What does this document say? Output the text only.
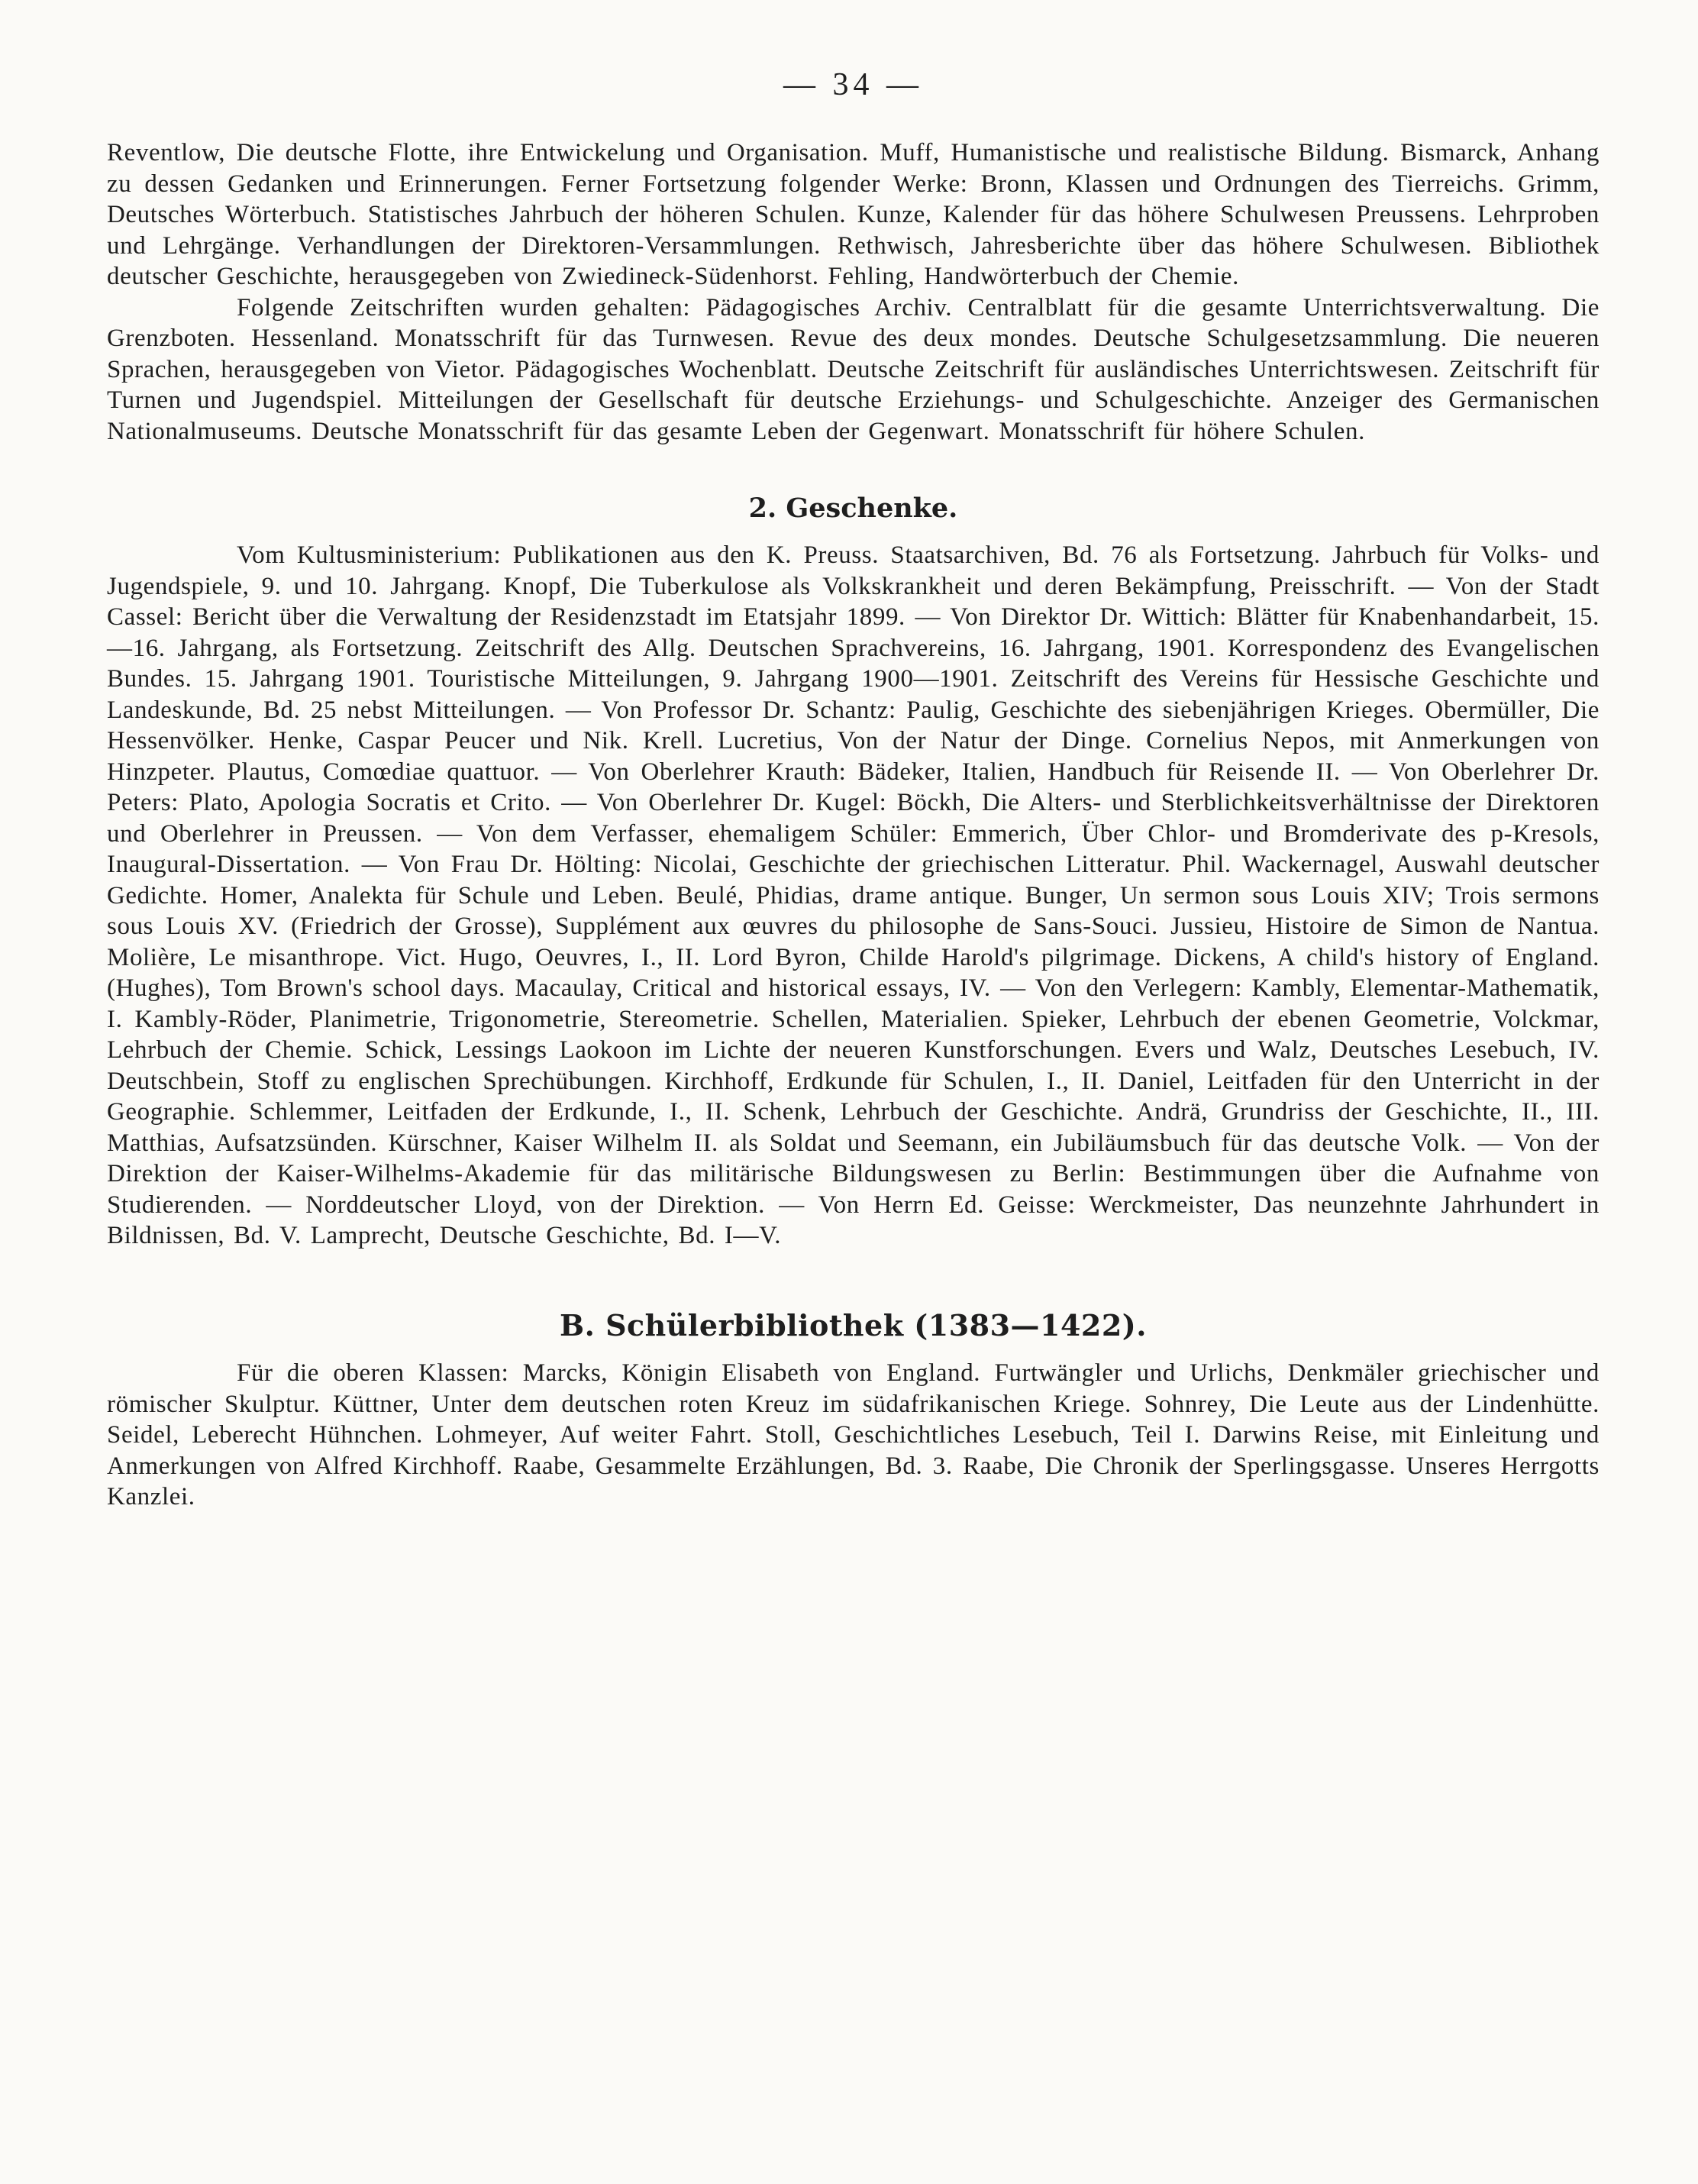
— 34 —

Reventlow, Die deutsche Flotte, ihre Entwickelung und Organisation. Muff, Humanistische und realistische Bildung. Bismarck, Anhang zu dessen Gedanken und Erinnerungen. Ferner Fortsetzung folgender Werke: Bronn, Klassen und Ordnungen des Tierreichs. Grimm, Deutsches Wörterbuch. Statistisches Jahrbuch der höheren Schulen. Kunze, Kalender für das höhere Schulwesen Preussens. Lehrproben und Lehrgänge. Verhandlungen der Direktoren-Versammlungen. Rethwisch, Jahresberichte über das höhere Schulwesen. Bibliothek deutscher Geschichte, herausgegeben von Zwiedineck-Südenhorst. Fehling, Handwörterbuch der Chemie.

Folgende Zeitschriften wurden gehalten: Pädagogisches Archiv. Centralblatt für die gesamte Unterrichtsverwaltung. Die Grenzboten. Hessenland. Monatsschrift für das Turnwesen. Revue des deux mondes. Deutsche Schulgesetzsammlung. Die neueren Sprachen, herausgegeben von Vietor. Pädagogisches Wochenblatt. Deutsche Zeitschrift für ausländisches Unterrichtswesen. Zeitschrift für Turnen und Jugendspiel. Mitteilungen der Gesellschaft für deutsche Erziehungs- und Schulgeschichte. Anzeiger des Germanischen Nationalmuseums. Deutsche Monatsschrift für das gesamte Leben der Gegenwart. Monatsschrift für höhere Schulen.

2. Geschenke.

Vom Kultusministerium: Publikationen aus den K. Preuss. Staatsarchiven, Bd. 76 als Fortsetzung. Jahrbuch für Volks- und Jugendspiele, 9. und 10. Jahrgang. Knopf, Die Tuberkulose als Volkskrankheit und deren Bekämpfung, Preisschrift. — Von der Stadt Cassel: Bericht über die Verwaltung der Residenzstadt im Etatsjahr 1899. — Von Direktor Dr. Wittich: Blätter für Knabenhandarbeit, 15.—16. Jahrgang, als Fortsetzung. Zeitschrift des Allg. Deutschen Sprachvereins, 16. Jahrgang, 1901. Korrespondenz des Evangelischen Bundes. 15. Jahrgang 1901. Touristische Mitteilungen, 9. Jahrgang 1900—1901. Zeitschrift des Vereins für Hessische Geschichte und Landeskunde, Bd. 25 nebst Mitteilungen. — Von Professor Dr. Schantz: Paulig, Geschichte des siebenjährigen Krieges. Obermüller, Die Hessenvölker. Henke, Caspar Peucer und Nik. Krell. Lucretius, Von der Natur der Dinge. Cornelius Nepos, mit Anmerkungen von Hinzpeter. Plautus, Comœdiae quattuor. — Von Oberlehrer Krauth: Bädeker, Italien, Handbuch für Reisende II. — Von Oberlehrer Dr. Peters: Plato, Apologia Socratis et Crito. — Von Oberlehrer Dr. Kugel: Böckh, Die Alters- und Sterblichkeitsverhältnisse der Direktoren und Oberlehrer in Preussen. — Von dem Verfasser, ehemaligem Schüler: Emmerich, Über Chlor- und Bromderivate des p-Kresols, Inaugural-Dissertation. — Von Frau Dr. Hölting: Nicolai, Geschichte der griechischen Litteratur. Phil. Wackernagel, Auswahl deutscher Gedichte. Homer, Analekta für Schule und Leben. Beulé, Phidias, drame antique. Bunger, Un sermon sous Louis XIV; Trois sermons sous Louis XV. (Friedrich der Grosse), Supplément aux œuvres du philosophe de Sans-Souci. Jussieu, Histoire de Simon de Nantua. Molière, Le misanthrope. Vict. Hugo, Oeuvres, I., II. Lord Byron, Childe Harold's pilgrimage. Dickens, A child's history of England. (Hughes), Tom Brown's school days. Macaulay, Critical and historical essays, IV. — Von den Verlegern: Kambly, Elementar-Mathematik, I. Kambly-Röder, Planimetrie, Trigonometrie, Stereometrie. Schellen, Materialien. Spieker, Lehrbuch der ebenen Geometrie, Volckmar, Lehrbuch der Chemie. Schick, Lessings Laokoon im Lichte der neueren Kunstforschungen. Evers und Walz, Deutsches Lesebuch, IV. Deutschbein, Stoff zu englischen Sprechübungen. Kirchhoff, Erdkunde für Schulen, I., II. Daniel, Leitfaden für den Unterricht in der Geographie. Schlemmer, Leitfaden der Erdkunde, I., II. Schenk, Lehrbuch der Geschichte. Andrä, Grundriss der Geschichte, II., III. Matthias, Aufsatzsünden. Kürschner, Kaiser Wilhelm II. als Soldat und Seemann, ein Jubiläumsbuch für das deutsche Volk. — Von der Direktion der Kaiser-Wilhelms-Akademie für das militärische Bildungswesen zu Berlin: Bestimmungen über die Aufnahme von Studierenden. — Norddeutscher Lloyd, von der Direktion. — Von Herrn Ed. Geisse: Werckmeister, Das neunzehnte Jahrhundert in Bildnissen, Bd. V. Lamprecht, Deutsche Geschichte, Bd. I—V.

B. Schülerbibliothek (1383—1422).

Für die oberen Klassen: Marcks, Königin Elisabeth von England. Furtwängler und Urlichs, Denkmäler griechischer und römischer Skulptur. Küttner, Unter dem deutschen roten Kreuz im südafrikanischen Kriege. Sohnrey, Die Leute aus der Lindenhütte. Seidel, Leberecht Hühnchen. Lohmeyer, Auf weiter Fahrt. Stoll, Geschichtliches Lesebuch, Teil I. Darwins Reise, mit Einleitung und Anmerkungen von Alfred Kirchhoff. Raabe, Gesammelte Erzählungen, Bd. 3. Raabe, Die Chronik der Sperlingsgasse. Unseres Herrgotts Kanzlei.
